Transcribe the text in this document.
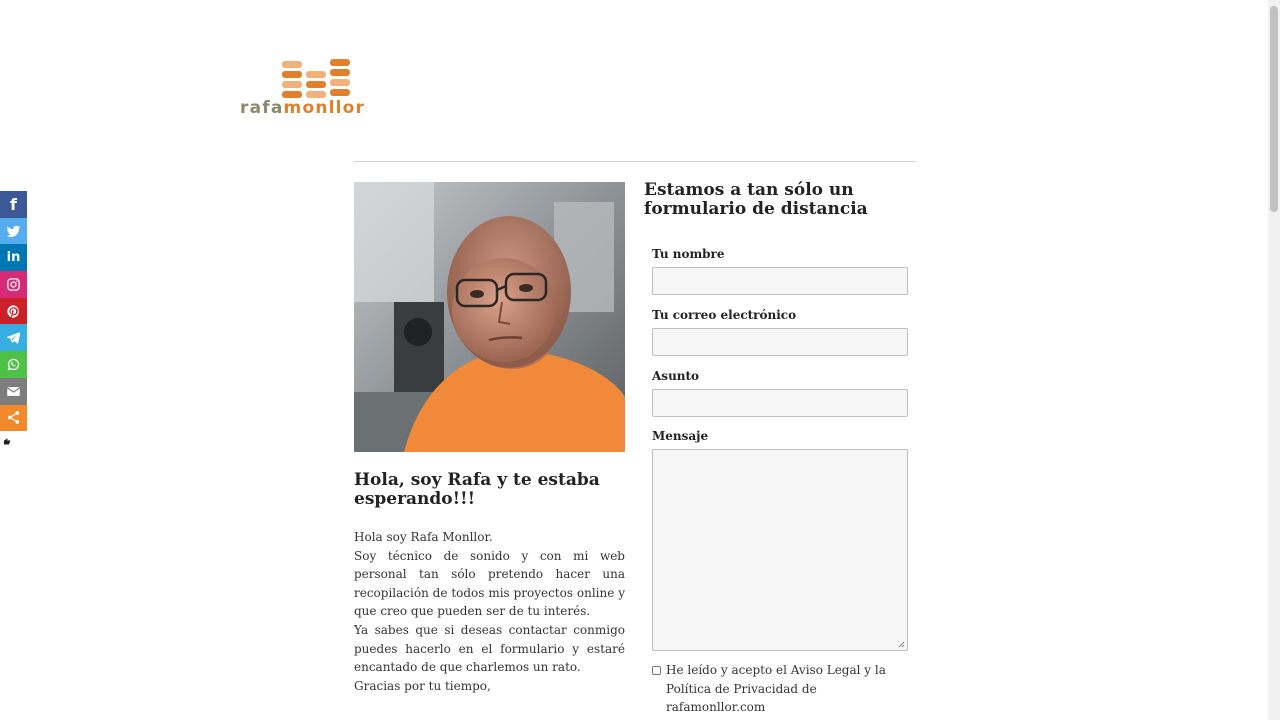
rafamonllor
f
in
Hola, soy Rafa y te estaba esperando!!!

Hola soy Rafa Monllor.

Soy técnico de sonido y con mi web personal tan sólo pretendo hacer una recopilación de todos mis proyectos online y que creo que pueden ser de tu interés.

Ya sabes que si deseas contactar conmigo puedes hacerlo en el formulario y estaré encantado de que charlemos un rato.

Gracias por tu tiempo,

Estamos a tan sólo un formulario de distancia
Tu nombre
Tu correo electrónico
Asunto
Mensaje
He leído y acepto el Aviso Legal y la Política de Privacidad de rafamonllor.com
